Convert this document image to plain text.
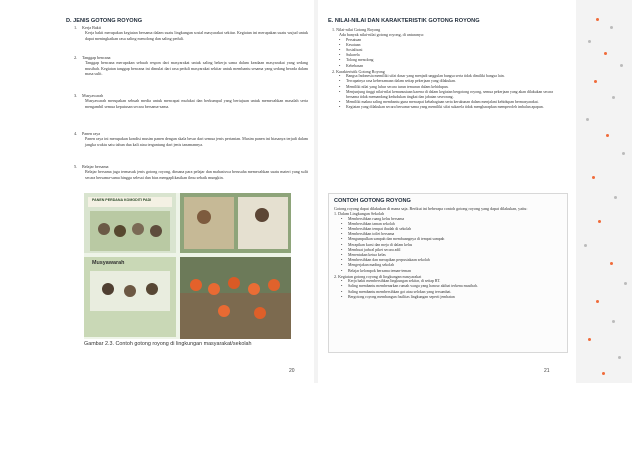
D. JENIS GOTONG ROYONG
1. Kerja Bakti
Kerja bakti merupakan kegiatan bersama dalam suatu lingkungan sosial masyarakat sekitar. Kegiatan ini merupakan suatu wujud untuk dapat meningkatkan rasa saling menolong dan saling peduli.
2. Tanggap bencana
Tanggap bencana merupakan sebuah respon dari masyarakat untuk saling bekerja sama dalam keadaan masyarakat yang sedang musibah. Kegiatan tanggap bencana ini dimulai dari rasa peduli masyarakat sekitar untuk membantu sesama yang sedang berada dalam masa sulit.
3. Musyawarah
Musyawarah merupakan sebuah media untuk mencapai mufakat dan berkumpul yang bertujuan untuk memecahkan masalah serta mengambil semua keputusan secara bersama-sama.
4. Panen raya
Panen raya ini merupakan kondisi musim panen dengan skala besar dari semua jenis pertanian. Musim panen ini biasanya terjadi dalam jangka waktu satu tahun dua kali atau tergantung dari jenis tanamannya.
5. Belajar bersama
Belajar bersama juga termasuk jenis gotong royong, dimana para pelajar dan mahasiswa berusaha memecahkan suatu materi yang sulit secara bersama-sama hingga selesai dan bias mengaplikasikan ilmu sebaik mungkin.
20
PANEN PERDANA KOMODITI PADI
Musyawarah
Gambar 2.3. Contoh gotong royong di lingkungan masyarakat/sekolah
E. NILAI-NILAI DAN KARAKTERISTIK GOTONG ROYONG
1. Nilai-nilai Gotong Royong
Ada banyak nilai-nilai gotong royong, di antaranya:
• Persatuan
• Kesatuan
• Sosialisasi
• Sukarela
• Tolong menolong
• Kebebasan
2. Karakteristik Gotong Royong
• Bangsa Indonesia memiliki sifat dasar yang menjadi unggulan bangsa serta tidak dimiliki bangsa lain.
• Tercapainya rasa kebersamaan dalam setiap pekerjaan yang dilakukan.
• Memiliki nilai yang luhur secara turun temurun dalam kehidupan.
• Menjunjung tinggi nilai-nilai kemanusiaan karena di dalam kegiatan bergotong royong, semua pekerjaan yang akan dilakukan secara bersama tidak memandang kedudukan tingkat dan jabatan seseorang.
• Memiliki makna saling membantu guna mencapai kebahagiaan serta kerukunan dalam menjalani kehidupan bermasyarakat.
• Kegiatan yang dilakukan secara bersama-sama yang memiliki sifat sukarela tidak mengharapkan memperoleh imbalan apapun.
21
CONTOH GOTONG ROYONG
Gotong royong dapat dilakukan di mana saja. Berikut ini beberapa contoh gotong royong yang dapat dilakukan, yaitu:
1. Dalam Lingkungan Sekolah
• Membersihkan ruang kelas bersama
• Membersihkan taman sekolah
• Membersihkan tempat ibadah di sekolah
• Membersihkan toilet bersama
• Mengumpulkan sampah dan membuangnya di tempat sampah
• Merapikan kursi dan meja di dalam kelas
• Membuat jadwal piket secara adil
• Menentukan ketua kelas
• Membersihkan dan merapikan perpustakaan sekolah
• Mengerjakan mading sekolah
• Belajar kelompok bersama teman-teman
2. Kegiatan gotong royong di lingkungan masyarakat
• Kerja bakti membersihkan lingkungan sekitar, di setiap RT.
• Saling membantu membenarkan rumah warga yang hancur akibat terkena musibah.
• Saling membantu membersihkan got atau selokan yang tersumbat.
• Bergotong royong membangun fasilitas lingkungan seperti jembatan
